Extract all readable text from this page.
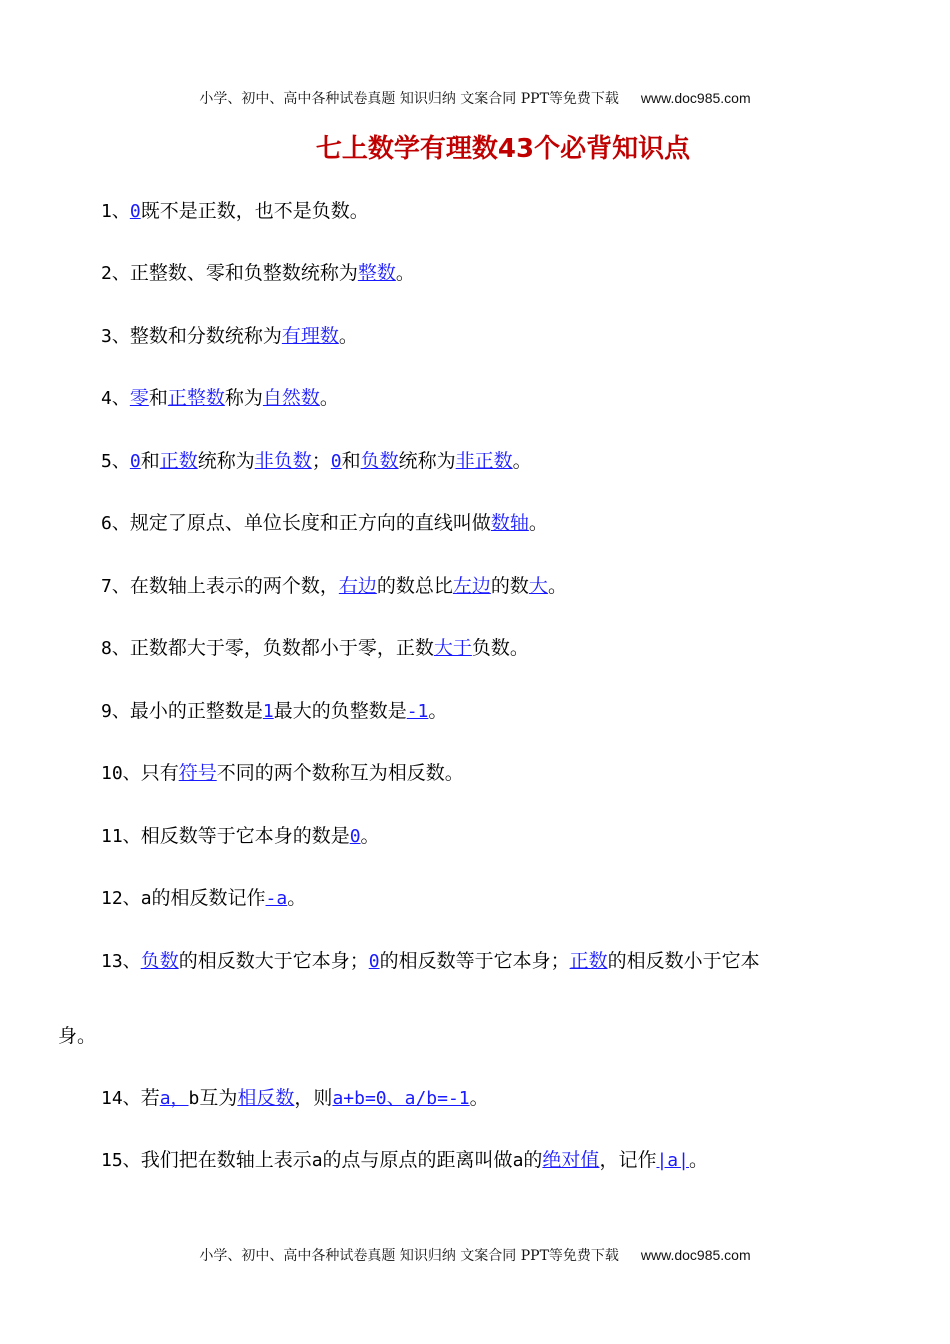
小学、初中、高中各种试卷真题 知识归纳 文案合同 PPT等免费下载 www.doc985.com
七上数学有理数43个必背知识点
1、0既不是正数，也不是负数。
2、正整数、零和负整数统称为整数。
3、整数和分数统称为有理数。
4、零和正整数称为自然数。
5、0和正数统称为非负数；0和负数统称为非正数。
6、规定了原点、单位长度和正方向的直线叫做数轴。
7、在数轴上表示的两个数，右边的数总比左边的数大。
8、正数都大于零，负数都小于零，正数大于负数。
9、最小的正整数是1最大的负整数是-1。
10、只有符号不同的两个数称互为相反数。
11、相反数等于它本身的数是0。
12、a的相反数记作-a。
13、负数的相反数大于它本身；0的相反数等于它本身；正数的相反数小于它本
身。
14、若a，b互为相反数，则a+b=0、a/b=-1。
15、我们把在数轴上表示a的点与原点的距离叫做a的绝对值，记作|a|。
小学、初中、高中各种试卷真题 知识归纳 文案合同 PPT等免费下载 www.doc985.com
